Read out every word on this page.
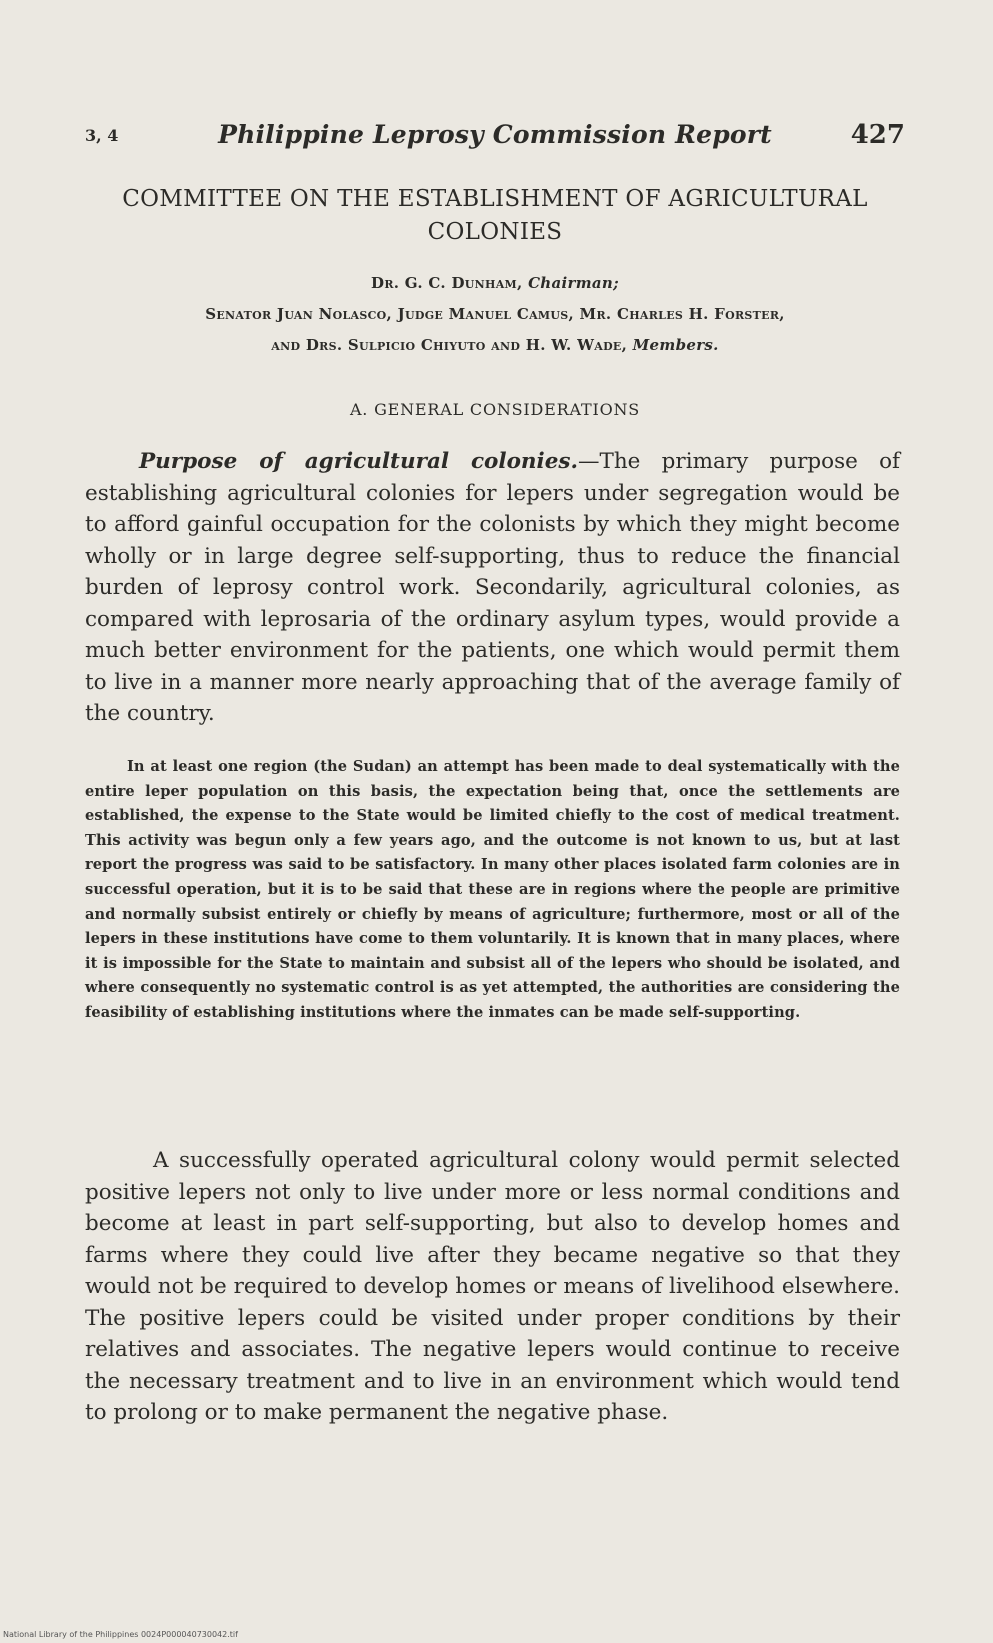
3, 4	Philippine Leprosy Commission Report	427
COMMITTEE ON THE ESTABLISHMENT OF AGRICULTURAL
COLONIES
Dr. G. C. Dunham, Chairman;
Senator Juan Nolasco, Judge Manuel Camus, Mr. Charles H. Forster,
and Drs. Sulpicio Chiyuto and H. W. Wade, Members.
A. GENERAL CONSIDERATIONS

Purpose of agricultural colonies.—The primary purpose of establishing agricultural colonies for lepers under segregation would be to afford gainful occupation for the colonists by which they might become wholly or in large degree self-supporting, thus to reduce the financial burden of leprosy control work. Secondarily, agricultural colonies, as compared with leprosaria of the ordinary asylum types, would provide a much better environment for the patients, one which would permit them to live in a manner more nearly approaching that of the average family of the country.

In at least one region (the Sudan) an attempt has been made to deal systematically with the entire leper population on this basis, the expectation being that, once the settlements are established, the expense to the State would be limited chiefly to the cost of medical treatment. This activity was begun only a few years ago, and the outcome is not known to us, but at last report the progress was said to be satisfactory. In many other places isolated farm colonies are in successful operation, but it is to be said that these are in regions where the people are primitive and normally subsist entirely or chiefly by means of agriculture; furthermore, most or all of the lepers in these institutions have come to them voluntarily. It is known that in many places, where it is impossible for the State to maintain and subsist all of the lepers who should be isolated, and where consequently no systematic control is as yet attempted, the authorities are considering the feasibility of establishing institutions where the inmates can be made self-supporting.

A successfully operated agricultural colony would permit selected positive lepers not only to live under more or less normal conditions and become at least in part self-supporting, but also to develop homes and farms where they could live after they became negative so that they would not be required to develop homes or means of livelihood elsewhere. The positive lepers could be visited under proper conditions by their relatives and associates. The negative lepers would continue to receive the necessary treatment and to live in an environment which would tend to prolong or to make permanent the negative phase.

National Library of the Philippines 0024P000040730042.tif
